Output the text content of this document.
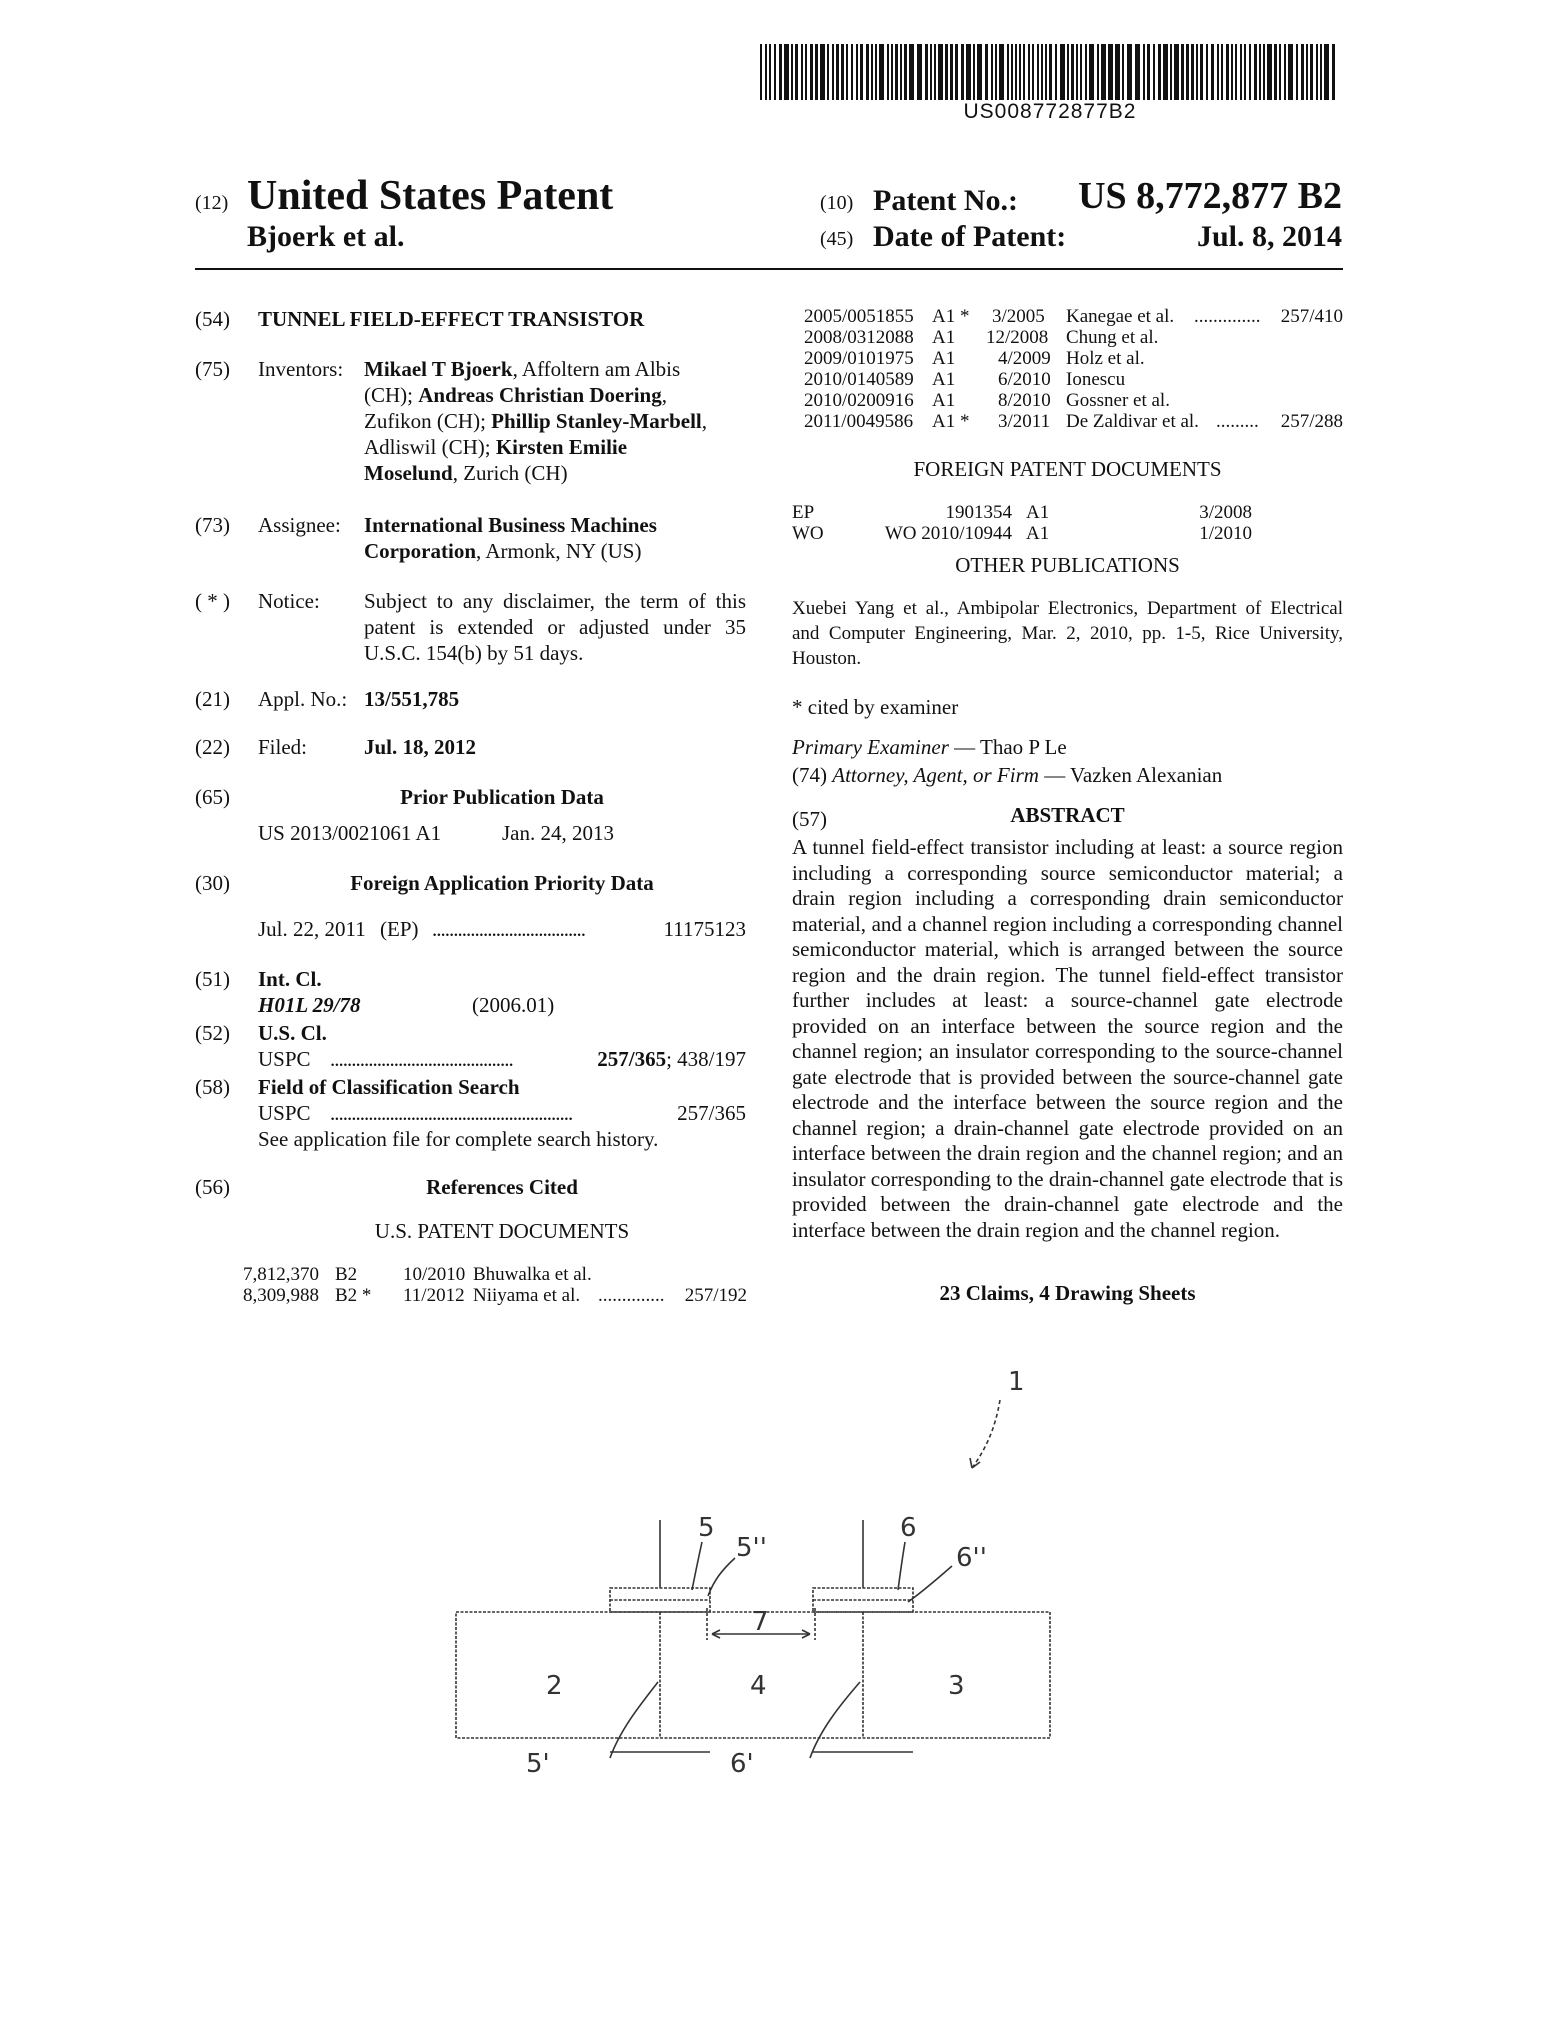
US008772877B2
(12) United States Patent
Bjoerk et al.
(10) Patent No.: US 8,772,877 B2
(45) Date of Patent:	Jul. 8, 2014
(54) TUNNEL FIELD-EFFECT TRANSISTOR
(75) Inventors: Mikael T Bjoerk, Affoltern am Albis
(CH); Andreas Christian Doering,
Zufikon (CH); Phillip Stanley-Marbell,
Adliswil (CH); Kirsten Emilie
Moselund, Zurich (CH)
(73) Assignee: International Business Machines
Corporation, Armonk, NY (US)
( * ) Notice: Subject to any disclaimer, the term of this
patent is extended or adjusted under 35
U.S.C. 154(b) by 51 days.
(21) Appl. No.: 13/551,785
(22) Filed:	Jul. 18, 2012
(65)	Prior Publication Data
US 2013/0021061 A1	Jan. 24, 2013
(30)	Foreign Application Priority Data
Jul. 22, 2011 (EP) ....................................	11175123
(51) Int. Cl.
H01L 29/78	(2006.01)
(52) U.S. Cl.
USPC ...........................................	257/365; 438/197
(58) Field of Classification Search
USPC .........................................................	257/365
See application file for complete search history.
(56)	References Cited
U.S. PATENT DOCUMENTS
7,812,370 B2 10/2010 Bhuwalka et al.
8,309,988 B2 * 11/2012 Niiyama et al. .............. 257/192
2005/0051855 A1 * 3/2005 Kanegae et al. .............. 257/410
2008/0312088 A1 12/2008 Chung et al.
2009/0101975 A1 4/2009 Holz et al.
2010/0140589 A1 6/2010 Ionescu
2010/0200916 A1 8/2010 Gossner et al.
2011/0049586 A1 * 3/2011 De Zaldivar et al. ......... 257/288
FOREIGN PATENT DOCUMENTS
EP	1901354 A1	3/2008
WO	WO 2010/10944 A1	1/2010
OTHER PUBLICATIONS
Xuebei Yang et al., Ambipolar Electronics, Department of Electrical
and Computer Engineering, Mar. 2, 2010, pp. 1-5, Rice University,
Houston.
* cited by examiner
Primary Examiner — Thao P Le
(74) Attorney, Agent, or Firm — Vazken Alexanian
(57)	ABSTRACT
A tunnel field-effect transistor including at least: a source region including a corresponding source semiconductor material; a drain region including a corresponding drain semiconductor material, and a channel region including a corresponding channel semiconductor material, which is arranged between the source region and the drain region. The tunnel field-effect transistor further includes at least: a source-channel gate electrode provided on an interface between the source region and the channel region; an insulator corresponding to the source-channel gate electrode that is provided between the source-channel gate electrode and the interface between the source region and the channel region; a drain-channel gate electrode provided on an interface between the drain region and the channel region; and an insulator corresponding to the drain-channel gate electrode that is provided between the drain-channel gate electrode and the interface between the drain region and the channel region.
23 Claims, 4 Drawing Sheets
1
2	4	3
5
5''
6
6''
7
5'	6'
